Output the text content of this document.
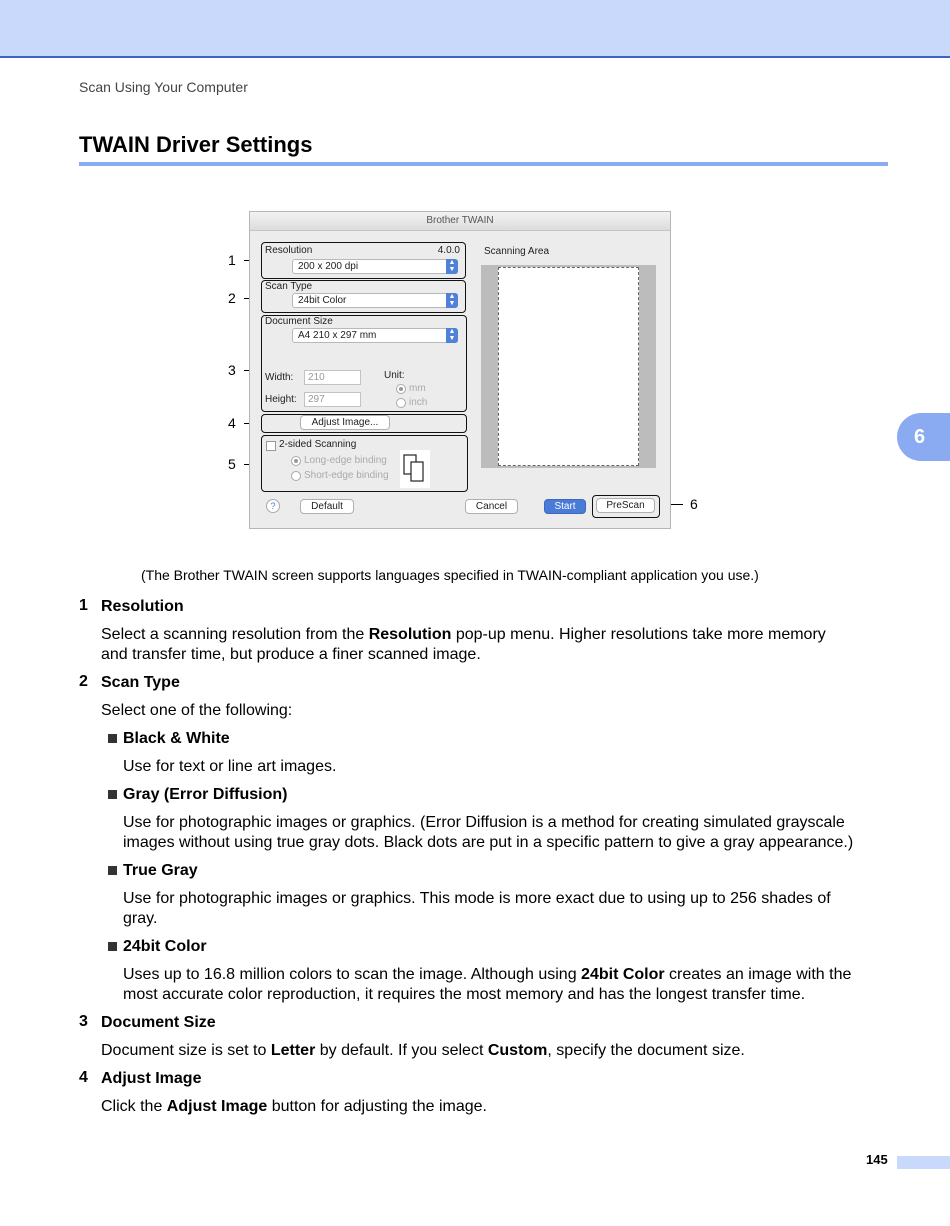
Scan Using Your Computer
TWAIN Driver Settings
6
1
2
3
4
5
6
Brother TWAIN
Resolution	4.0.0
200 x 200 dpi	▲
▼
Scan Type
24bit Color	▲
▼
Document Size
A4 210 x 297 mm	▲
▼
Width:	210
Height:	297
Unit:
mm
inch
Adjust Image...
2-sided Scanning
Long-edge binding
Short-edge binding
Scanning Area
?	Default	Cancel	Start	PreScan
(The Brother TWAIN screen supports languages specified in TWAIN-compliant application you use.)
1 Resolution
Select a scanning resolution from the Resolution pop-up menu. Higher resolutions take more memory
and transfer time, but produce a finer scanned image.
2 Scan Type
Select one of the following:
Black & White
Use for text or line art images.
Gray (Error Diffusion)
Use for photographic images or graphics. (Error Diffusion is a method for creating simulated grayscale
images without using true gray dots. Black dots are put in a specific pattern to give a gray appearance.)
True Gray
Use for photographic images or graphics. This mode is more exact due to using up to 256 shades of
gray.
24bit Color
Uses up to 16.8 million colors to scan the image. Although using 24bit Color creates an image with the
most accurate color reproduction, it requires the most memory and has the longest transfer time.
3 Document Size
Document size is set to Letter by default. If you select Custom, specify the document size.
4 Adjust Image
Click the Adjust Image button for adjusting the image.
145
